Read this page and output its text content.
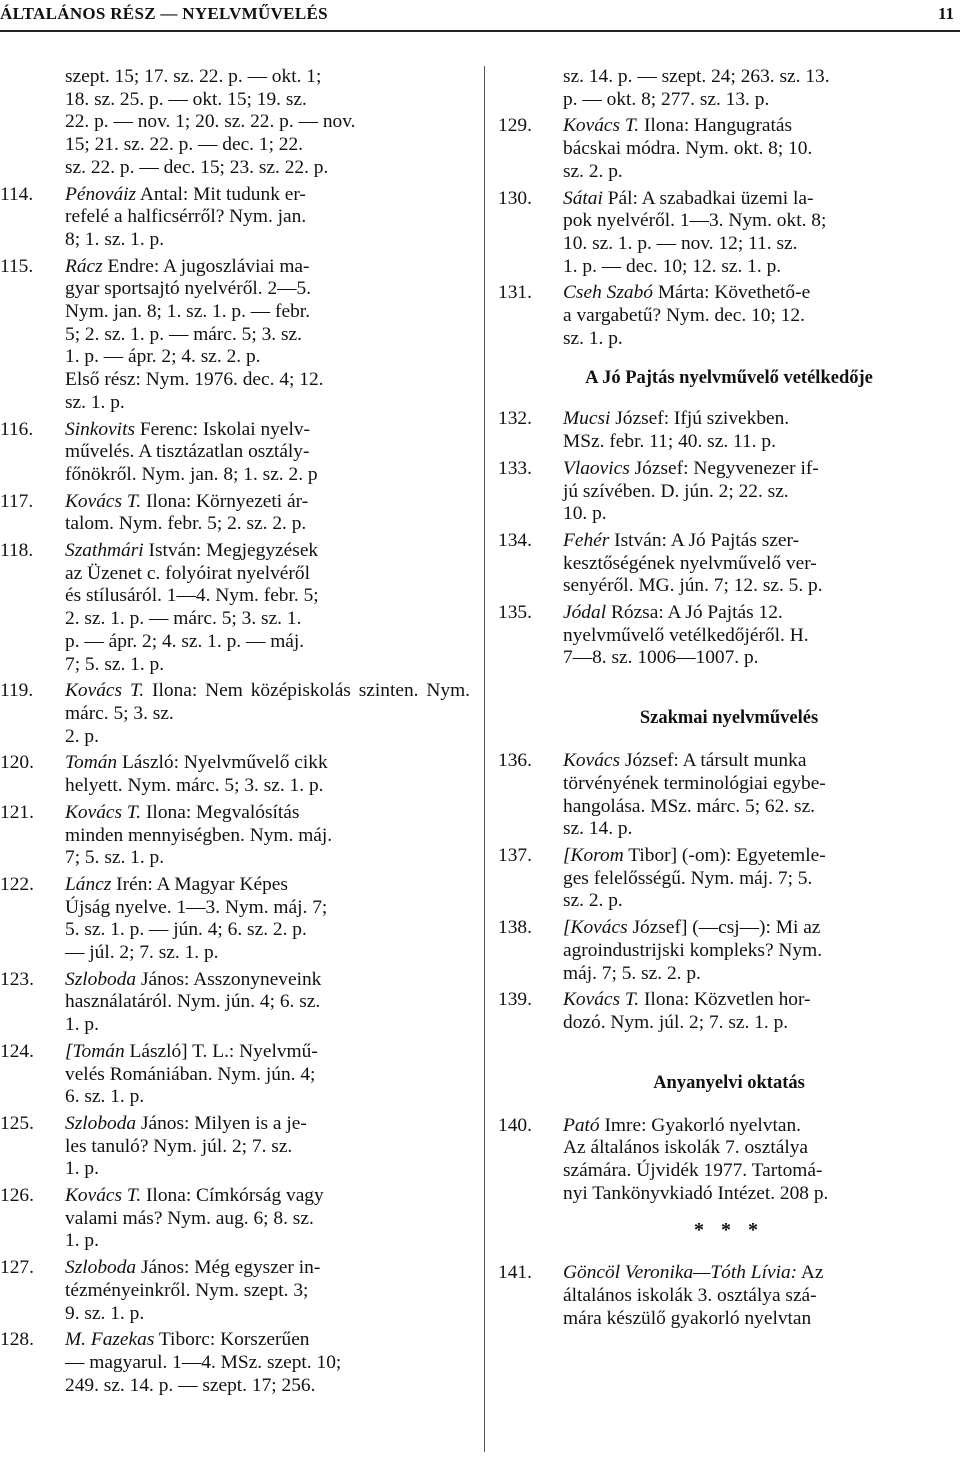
ÁLTALÁNOS RÉSZ — NYELVMŰVELÉS	11
szept. 15; 17. sz. 22. p. — okt. 1;
18. sz. 25. p. — okt. 15; 19. sz.
22. p. — nov. 1; 20. sz. 22. p. — nov.
15; 21. sz. 22. p. — dec. 1; 22.
sz. 22. p. — dec. 15; 23. sz. 22. p.
114.	Pénováiz Antal: Mit tudunk er-
refelé a halficsérről? Nym. jan.
8; 1. sz. 1. p.
115.	Rácz Endre: A jugoszláviai ma-
gyar sportsajtó nyelvéről. 2—5.
Nym. jan. 8; 1. sz. 1. p. — febr.
5; 2. sz. 1. p. — márc. 5; 3. sz.
1. p. — ápr. 2; 4. sz. 2. p.
Első rész: Nym. 1976. dec. 4; 12.
sz. 1. p.
116.	Sinkovits Ferenc: Iskolai nyelv-
művelés. A tisztázatlan osztály-
főnökről. Nym. jan. 8; 1. sz. 2. p
117.	Kovács T. Ilona: Környezeti ár-
talom. Nym. febr. 5; 2. sz. 2. p.
118.	Szathmári István: Megjegyzések
az Üzenet c. folyóirat nyelvéről
és stílusáról. 1—4. Nym. febr. 5;
2. sz. 1. p. — márc. 5; 3. sz. 1.
p. — ápr. 2; 4. sz. 1. p. — máj.
7; 5. sz. 1. p.
119.	Kovács T. Ilona: Nem középiskolás szinten. Nym. márc. 5; 3. sz.
2. p.
120.	Tomán László: Nyelvművelő cikk
helyett. Nym. márc. 5; 3. sz. 1. p.
121.	Kovács T. Ilona: Megvalósítás
minden mennyiségben. Nym. máj.
7; 5. sz. 1. p.
122.	Láncz Irén: A Magyar Képes
Újság nyelve. 1—3. Nym. máj. 7;
5. sz. 1. p. — jún. 4; 6. sz. 2. p.
— júl. 2; 7. sz. 1. p.
123.	Szloboda János: Asszonyneveink
használatáról. Nym. jún. 4; 6. sz.
1. p.
124.	[Tomán László] T. L.: Nyelvmű-
velés Romániában. Nym. jún. 4;
6. sz. 1. p.
125.	Szloboda János: Milyen is a je-
les tanuló? Nym. júl. 2; 7. sz.
1. p.
126.	Kovács T. Ilona: Címkórság vagy
valami más? Nym. aug. 6; 8. sz.
1. p.
127.	Szloboda János: Még egyszer in-
tézményeinkről. Nym. szept. 3;
9. sz. 1. p.
128.	M. Fazekas Tiborc: Korszerűen
— magyarul. 1—4. MSz. szept. 10;
249. sz. 14. p. — szept. 17; 256.
sz. 14. p. — szept. 24; 263. sz. 13.
p. — okt. 8; 277. sz. 13. p.
129.	Kovács T. Ilona: Hangugratás
bácskai módra. Nym. okt. 8; 10.
sz. 2. p.
130.	Sátai Pál: A szabadkai üzemi la-
pok nyelvéről. 1—3. Nym. okt. 8;
10. sz. 1. p. — nov. 12; 11. sz.
1. p. — dec. 10; 12. sz. 1. p.
131.	Cseh Szabó Márta: Követhető-e
a vargabetű? Nym. dec. 10; 12.
sz. 1. p.
A Jó Pajtás nyelvművelő vetélkedője
132.	Mucsi József: Ifjú szivekben.
MSz. febr. 11; 40. sz. 11. p.
133.	Vlaovics József: Negyvenezer if-
jú szívében. D. jún. 2; 22. sz.
10. p.
134.	Fehér István: A Jó Pajtás szer-
kesztőségének nyelvművelő ver-
senyéről. MG. jún. 7; 12. sz. 5. p.
135.	Jódal Rózsa: A Jó Pajtás 12.
nyelvművelő vetélkedőjéről. H.
7—8. sz. 1006—1007. p.
Szakmai nyelvművelés
136.	Kovács József: A társult munka
törvényének terminológiai egybe-
hangolása. MSz. márc. 5; 62. sz.
sz. 14. p.
137.	[Korom Tibor] (-om): Egyetemle-
ges felelősségű. Nym. máj. 7; 5.
sz. 2. p.
138.	[Kovács József] (—csj—): Mi az
agroindustrijski kompleks? Nym.
máj. 7; 5. sz. 2. p.
139.	Kovács T. Ilona: Közvetlen hor-
dozó. Nym. júl. 2; 7. sz. 1. p.
Anyanyelvi oktatás
140.	Pató Imre: Gyakorló nyelvtan.
Az általános iskolák 7. osztálya
számára. Újvidék 1977. Tartomá-
nyi Tankönyvkiadó Intézet. 208 p.
* * *
141.	Göncöl Veronika—Tóth Lívia: Az
általános iskolák 3. osztálya szá-
mára készülő gyakorló nyelvtan
